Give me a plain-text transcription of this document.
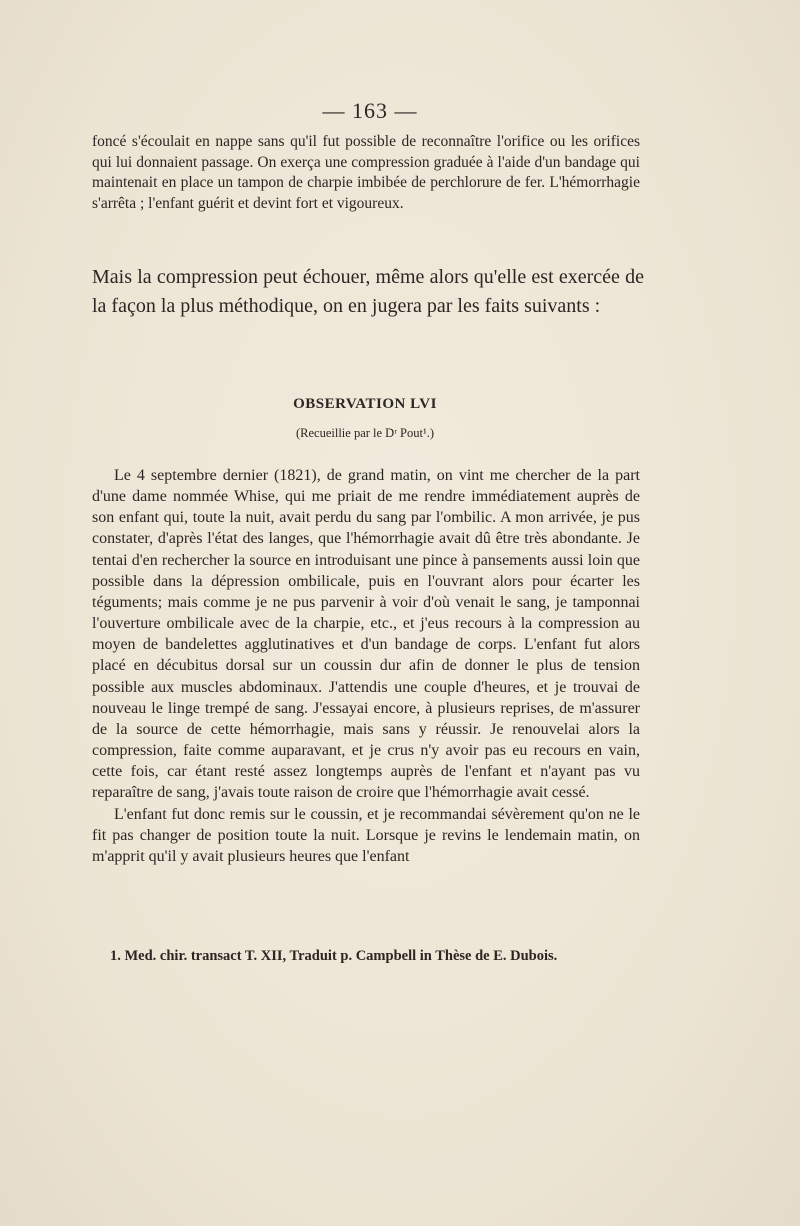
— 163 —

foncé s'écoulait en nappe sans qu'il fut possible de reconnaître l'orifice ou les orifices qui lui donnaient passage. On exerça une compression graduée à l'aide d'un bandage qui maintenait en place un tampon de charpie imbibée de perchlorure de fer. L'hémorrhagie s'arrêta ; l'enfant guérit et devint fort et vigoureux.

Mais la compression peut échouer, même alors qu'elle est exercée de la façon la plus méthodique, on en jugera par les faits suivants :

OBSERVATION LVI
(Recueillie par le Dʳ Pout¹.)

Le 4 septembre dernier (1821), de grand matin, on vint me chercher de la part d'une dame nommée Whise, qui me priait de me rendre immédiatement auprès de son enfant qui, toute la nuit, avait perdu du sang par l'ombilic. A mon arrivée, je pus constater, d'après l'état des langes, que l'hémorrhagie avait dû être très abondante. Je tentai d'en rechercher la source en introduisant une pince à pansements aussi loin que possible dans la dépression ombilicale, puis en l'ouvrant alors pour écarter les téguments; mais comme je ne pus parvenir à voir d'où venait le sang, je tamponnai l'ouverture ombilicale avec de la charpie, etc., et j'eus recours à la compression au moyen de bandelettes agglutinatives et d'un bandage de corps. L'enfant fut alors placé en décubitus dorsal sur un coussin dur afin de donner le plus de tension possible aux muscles abdominaux. J'attendis une couple d'heures, et je trouvai de nouveau le linge trempé de sang. J'essayai encore, à plusieurs reprises, de m'assurer de la source de cette hémorrhagie, mais sans y réussir. Je renouvelai alors la compression, faite comme auparavant, et je crus n'y avoir pas eu recours en vain, cette fois, car étant resté assez longtemps auprès de l'enfant et n'ayant pas vu reparaître de sang, j'avais toute raison de croire que l'hémorrhagie avait cessé.

L'enfant fut donc remis sur le coussin, et je recommandai sévèrement qu'on ne le fit pas changer de position toute la nuit. Lorsque je revins le lendemain matin, on m'apprit qu'il y avait plusieurs heures que l'enfant

1. Med. chir. transact T. XII, Traduit p. Campbell in Thèse de E. Dubois.
